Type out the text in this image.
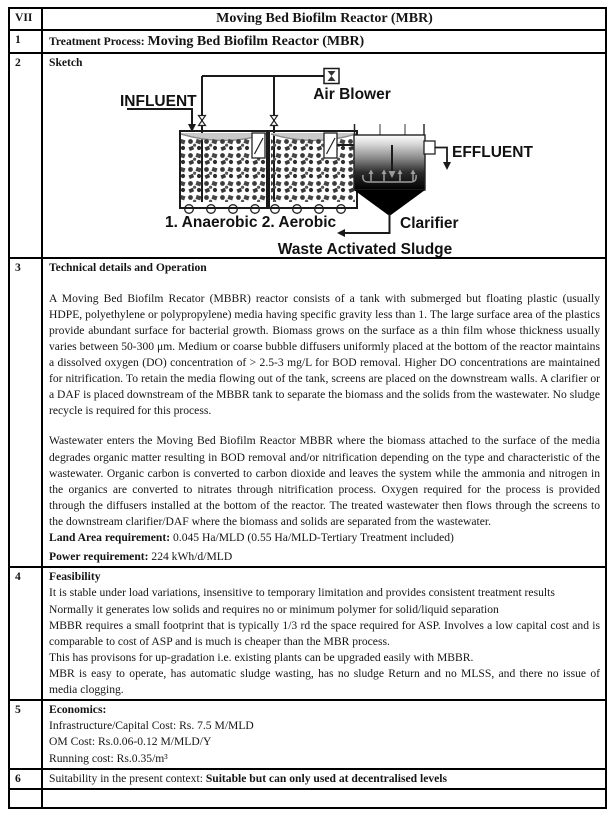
VII	Moving Bed Biofilm Reactor (MBR)
1	Treatment Process: Moving Bed Biofilm Reactor (MBR)
2	Sketch
INFLUENT	Air Blower
1. Anaerobic 2. Aerobic
EFFLUENT
Clarifier
Waste Activated Sludge

3	Technical details and Operation

A Moving Bed Biofilm Recator (MBBR) reactor consists of a tank with submerged but floating plastic (usually HDPE, polyethylene or polypropylene) media having specific gravity less than 1. The large surface area of the plastics provide abundant surface for bacterial growth. Biomass grows on the surface as a thin film whose thickness usually varies between 50-300 μm. Medium or coarse bubble diffusers uniformly placed at the bottom of the reactor maintains a dissolved oxygen (DO) concentration of > 2.5-3 mg/L for BOD removal. Higher DO concentrations are maintained for nitrification. To retain the media flowing out of the tank, screens are placed on the downstream walls. A clarifier or a DAF is placed downstream of the MBBR tank to separate the biomass and the solids from the wastewater. No sludge recycle is required for this process.

Wastewater enters the Moving Bed Biofilm Reactor MBBR where the biomass attached to the surface of the media degrades organic matter resulting in BOD removal and/or nitrification depending on the type and characteristic of the wastewater. Organic carbon is converted to carbon dioxide and leaves the system while the ammonia and nitrogen in the organics are converted to nitrates through nitrification process. Oxygen required for the process is provided through the diffusers installed at the bottom of the reactor. The treated wastewater then flows through the screens to the downstream clarifier/DAF where the biomass and solids are separated from the wastewater.

Land Area requirement: 0.045 Ha/MLD (0.55 Ha/MLD-Tertiary Treatment included)
Power requirement: 224 kWh/d/MLD

4	Feasibility
It is stable under load variations, insensitive to temporary limitation and provides consistent treatment results
Normally it generates low solids and requires no or minimum polymer for solid/liquid separation
MBBR requires a small footprint that is typically 1/3 rd the space required for ASP. Involves a low capital cost and is comparable to cost of ASP and is much is cheaper than the MBR process.
This has provisons for up-gradation i.e. existing plants can be upgraded easily with MBBR.
MBR is easy to operate, has automatic sludge wasting, has no sludge Return and no MLSS, and there no issue of media clogging.

5	Economics:
Infrastructure/Capital Cost: Rs. 7.5 M/MLD
OM Cost: Rs.0.06-0.12 M/MLD/Y
Running cost: Rs.0.35/m³

6	Suitability in the present context: Suitable but can only used at decentralised levels
